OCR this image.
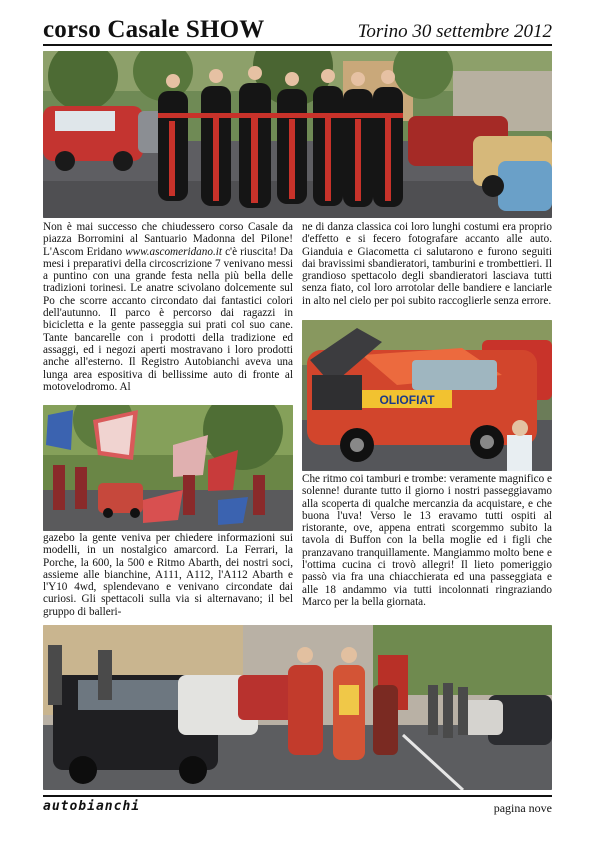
corso Casale SHOW	Torino 30 settembre 2012

Non è mai successo che chiudessero corso Casale da piazza Borromini al Santuario Madonna del Pilone! L'Ascom Eridano www.ascomeridano.it c'è riuscita! Da mesi i preparativi della circoscrizione 7 venivano messi a puntino con una grande festa nella più bella delle tradizioni torinesi. Le anatre scivolano dolcemente sul Po che scorre accanto circondato dai fantastici colori dell'autunno. Il parco è percorso dai ragazzi in bicicletta e la gente passeggia sui prati col suo cane. Tante bancarelle con i prodotti della tradizione ed assaggi, ed i negozi aperti mostravano i loro prodotti anche all'esterno. Il Registro Autobianchi aveva una lunga area espositiva di bellissime auto di fronte al motovelodromo. Al

gazebo la gente veniva per chiedere informazioni sui modelli, in un nostalgico amarcord. La Ferrari, la Porche, la 600, la 500 e Ritmo Abarth, dei nostri soci, assieme alle bianchine, A111, A112, l'A112 Abarth e l'Y10 4wd, splendevano e venivano circondate dai curiosi. Gli spettacoli sulla via si alternavano; il bel gruppo di balleri-

ne di danza classica coi loro lunghi costumi era proprio d'effetto e si fecero fotografare accanto alle auto. Gianduia e Giacometta ci salutarono e furono seguiti dai bravissimi sbandieratori, tamburini e trombettieri. Il grandioso spettacolo degli sbandieratori lasciava tutti senza fiato, col loro arrotolar delle bandiere e lanciarle in alto nel cielo per poi subito raccoglierle senza errore.

OLIOFIAT

Che ritmo coi tamburi e trombe: veramente magnifico e solenne! durante tutto il giorno i nostri passeggiavamo alla scoperta di qualche mercanzia da acquistare, e che buona l'uva! Verso le 13 eravamo tutti ospiti al ristorante, ove, appena entrati scorgemmo subito la tavola di Buffon con la bella moglie ed i figli che pranzavano tranquillamente. Mangiammo molto bene e l'ottima cucina ci trovò allegri! Il lieto pomeriggio passò via fra una chiacchierata ed una passeggiata e alle 18 andammo via tutti incolonnati ringraziando Marco per la bella giornata.

autobianchi	pagina nove
